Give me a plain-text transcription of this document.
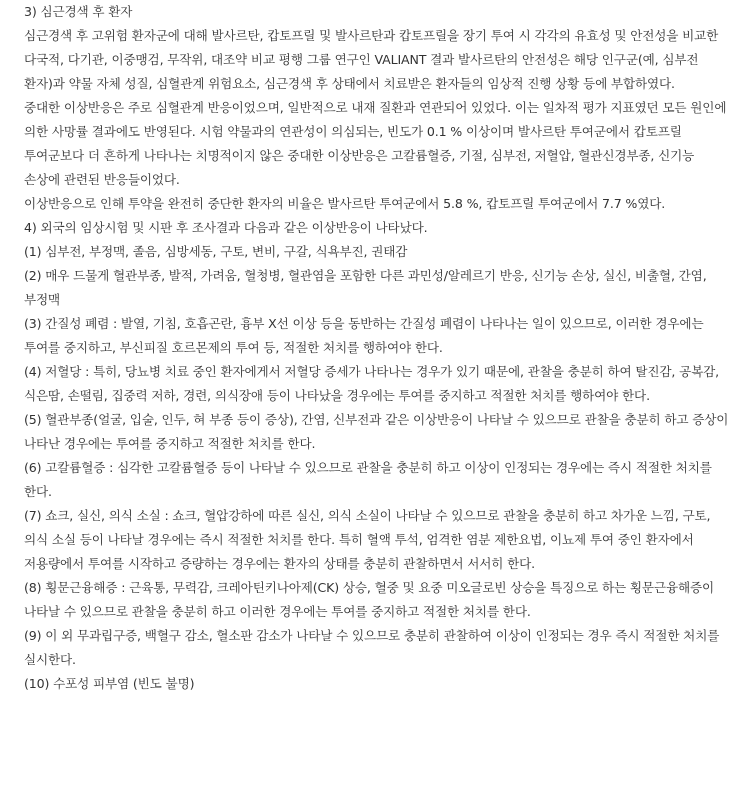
3) 심근경색 후 환자

심근경색 후 고위험 환자군에 대해 발사르탄, 캅토프릴 및 발사르탄과 캅토프릴을 장기 투여 시 각각의 유효성 및 안전성을 비교한 다국적, 다기관, 이중맹검, 무작위, 대조약 비교 평행 그룹 연구인 VALIANT 결과 발사르탄의 안전성은 해당 인구군(예, 심부전 환자)과 약물 자체 성질, 심혈관계 위험요소, 심근경색 후 상태에서 치료받은 환자들의 임상적 진행 상황 등에 부합하였다.

중대한 이상반응은 주로 심혈관계 반응이었으며, 일반적으로 내재 질환과 연관되어 있었다. 이는 일차적 평가 지표였던 모든 원인에 의한 사망률 결과에도 반영된다. 시험 약물과의 연관성이 의심되는, 빈도가 0.1 % 이상이며 발사르탄 투여군에서 캅토프릴 투여군보다 더 흔하게 나타나는 치명적이지 않은 중대한 이상반응은 고칼륨혈증, 기절, 심부전, 저혈압, 혈관신경부종, 신기능 손상에 관련된 반응들이었다.

이상반응으로 인해 투약을 완전히 중단한 환자의 비율은 발사르탄 투여군에서 5.8 %, 캅토프릴 투여군에서 7.7 %였다.

4) 외국의 임상시험 및 시판 후 조사결과 다음과 같은 이상반응이 나타났다.

(1) 심부전, 부정맥, 졸음, 심방세동, 구토, 변비, 구갈, 식욕부진, 권태감

(2) 매우 드물게 혈관부종, 발적, 가려움, 혈청병, 혈관염을 포함한 다른 과민성/알레르기 반응, 신기능 손상, 실신, 비출혈, 간염, 부정맥

(3) 간질성 폐렴 : 발열, 기침, 호흡곤란, 흉부 X선 이상 등을 동반하는 간질성 폐렴이 나타나는 일이 있으므로, 이러한 경우에는 투여를 중지하고, 부신피질 호르몬제의 투여 등, 적절한 처치를 행하여야 한다.

(4) 저혈당 : 특히, 당뇨병 치료 중인 환자에게서 저혈당 증세가 나타나는 경우가 있기 때문에, 관찰을 충분히 하여 탈진감, 공복감, 식은땀, 손떨림, 집중력 저하, 경련, 의식장애 등이 나타났을 경우에는 투여를 중지하고 적절한 처치를 행하여야 한다.

(5) 혈관부종(얼굴, 입술, 인두, 혀 부종 등이 증상), 간염, 신부전과 같은 이상반응이 나타날 수 있으므로 관찰을 충분히 하고 증상이 나타난 경우에는 투여를 중지하고 적절한 처치를 한다.

(6) 고칼륨혈증 : 심각한 고칼륨혈증 등이 나타날 수 있으므로 관찰을 충분히 하고 이상이 인정되는 경우에는 즉시 적절한 처치를 한다.

(7) 쇼크, 실신, 의식 소실 : 쇼크, 혈압강하에 따른 실신, 의식 소실이 나타날 수 있으므로 관찰을 충분히 하고 차가운 느낌, 구토, 의식 소실 등이 나타날 경우에는 즉시 적절한 처치를 한다. 특히 혈액 투석, 엄격한 염분 제한요법, 이뇨제 투여 중인 환자에서 저용량에서 투여를 시작하고 증량하는 경우에는 환자의 상태를 충분히 관찰하면서 서서히 한다.

(8) 횡문근융해증 : 근육통, 무력감, 크레아틴키나아제(CK) 상승, 혈중 및 요중 미오글로빈 상승을 특징으로 하는 횡문근융해증이 나타날 수 있으므로 관찰을 충분히 하고 이러한 경우에는 투여를 중지하고 적절한 처치를 한다.

(9) 이 외 무과립구증, 백혈구 감소, 혈소판 감소가 나타날 수 있으므로 충분히 관찰하여 이상이 인정되는 경우 즉시 적절한 처치를 실시한다.

(10) 수포성 피부염 (빈도 불명)
